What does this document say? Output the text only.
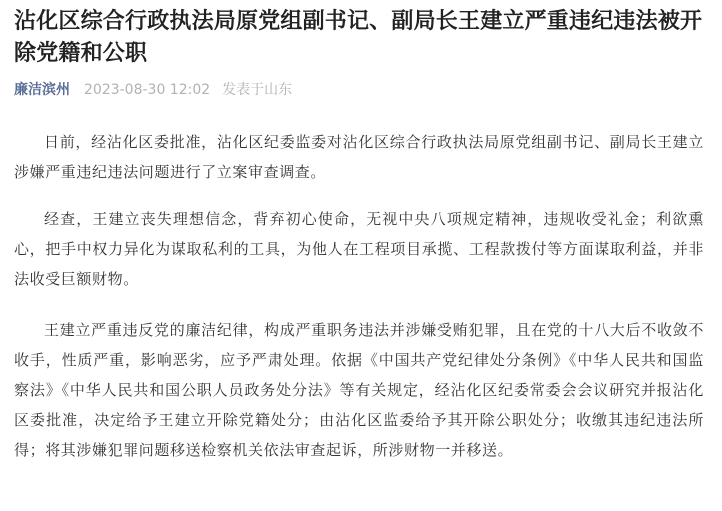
沾化区综合行政执法局原党组副书记、副局长王建立严重违纪违法被开除党籍和公职
廉洁滨州 2023-08-30 12:02 发表于山东

日前，经沾化区委批准，沾化区纪委监委对沾化区综合行政执法局原党组副书记、副局长王建立涉嫌严重违纪违法问题进行了立案审查调查。

经查，王建立丧失理想信念，背弃初心使命，无视中央八项规定精神，违规收受礼金；利欲熏心，把手中权力异化为谋取私利的工具，为他人在工程项目承揽、工程款拨付等方面谋取利益，并非法收受巨额财物。

王建立严重违反党的廉洁纪律，构成严重职务违法并涉嫌受贿犯罪，且在党的十八大后不收敛不收手，性质严重，影响恶劣，应予严肃处理。依据《中国共产党纪律处分条例》《中华人民共和国监察法》《中华人民共和国公职人员政务处分法》等有关规定，经沾化区纪委常委会会议研究并报沾化区委批准，决定给予王建立开除党籍处分；由沾化区监委给予其开除公职处分；收缴其违纪违法所得；将其涉嫌犯罪问题移送检察机关依法审查起诉，所涉财物一并移送。
